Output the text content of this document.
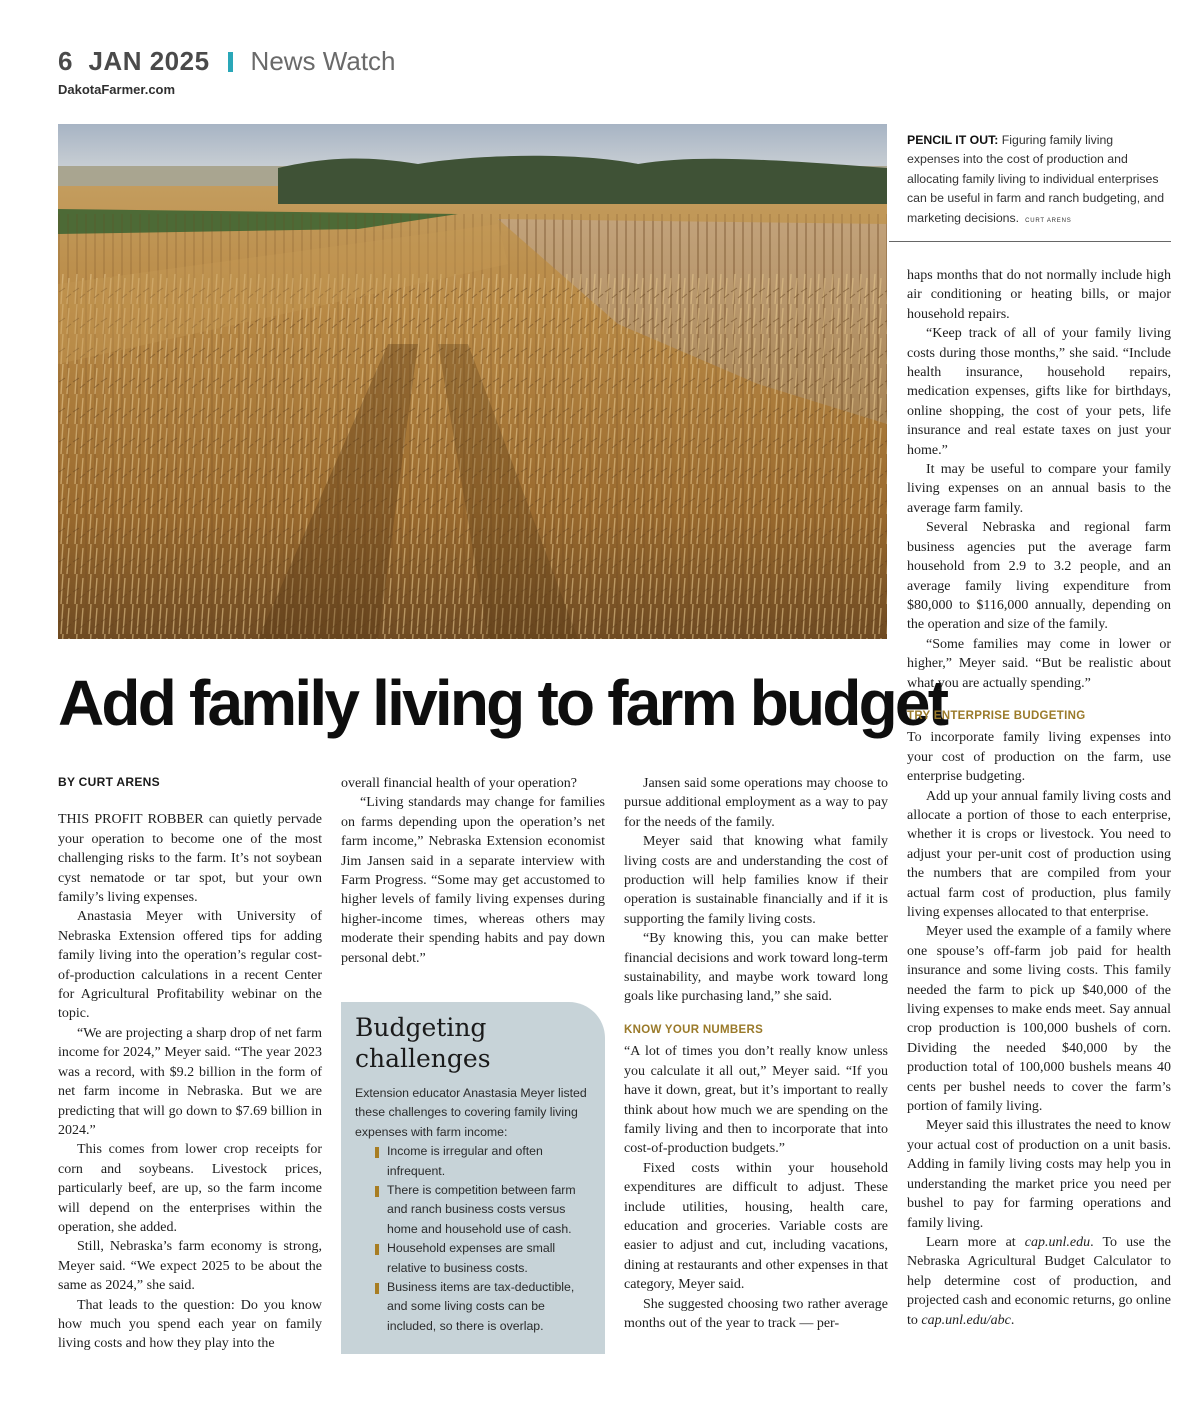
6 JAN 2025 News Watch
DakotaFarmer.com
PENCIL IT OUT: Figuring family living expenses into the cost of production and allocating family living to individual enterprises can be useful in farm and ranch budgeting, and marketing decisions. CURT ARENS
Add family living to farm budget
BY CURT ARENS

THIS PROFIT ROBBER can quietly pervade your operation to become one of the most challenging risks to the farm. It’s not soybean cyst nematode or tar spot, but your own family’s living expenses.

Anastasia Meyer with University of Nebraska Extension offered tips for adding family living into the operation’s regular cost-of-production calculations in a recent Center for Agricultural Profitability webinar on the topic.

“We are projecting a sharp drop of net farm income for 2024,” Meyer said. “The year 2023 was a record, with $9.2 billion in the form of net farm income in Nebraska. But we are predicting that will go down to $7.69 billion in 2024.”

This comes from lower crop receipts for corn and soybeans. Livestock prices, particularly beef, are up, so the farm income will depend on the enterprises within the operation, she added.

Still, Nebraska’s farm economy is strong, Meyer said. “We expect 2025 to be about the same as 2024,” she said.

That leads to the question: Do you know how much you spend each year on family living costs and how they play into the

overall financial health of your operation?

“Living standards may change for families on farms depending upon the operation’s net farm income,” Nebraska Extension economist Jim Jansen said in a separate interview with Farm Progress. “Some may get accustomed to higher levels of family living expenses during higher-income times, whereas others may moderate their spending habits and pay down personal debt.”

Budgeting challenges
Extension educator Anastasia Meyer listed these challenges to covering family living expenses with farm income:
Income is irregular and often infrequent.
There is competition between farm and ranch business costs versus home and household use of cash.
Household expenses are small relative to business costs.
Business items are tax-deductible, and some living costs can be included, so there is overlap.

Jansen said some operations may choose to pursue additional employment as a way to pay for the needs of the family.

Meyer said that knowing what family living costs are and understanding the cost of production will help families know if their operation is sustainable financially and if it is supporting the family living costs.

“By knowing this, you can make better financial decisions and work toward long-term sustainability, and maybe work toward long goals like purchasing land,” she said.

KNOW YOUR NUMBERS

“A lot of times you don’t really know unless you calculate it all out,” Meyer said. “If you have it down, great, but it’s important to really think about how much we are spending on the family living and then to incorporate that into cost-of-production budgets.”

Fixed costs within your household expenditures are difficult to adjust. These include utilities, housing, health care, education and groceries. Variable costs are easier to adjust and cut, including vacations, dining at restaurants and other expenses in that category, Meyer said.

She suggested choosing two rather average months out of the year to track — per-

haps months that do not normally include high air conditioning or heating bills, or major household repairs.

“Keep track of all of your family living costs during those months,” she said. “Include health insurance, household repairs, medication expenses, gifts like for birthdays, online shopping, the cost of your pets, life insurance and real estate taxes on just your home.”

It may be useful to compare your family living expenses on an annual basis to the average farm family.

Several Nebraska and regional farm business agencies put the average farm household from 2.9 to 3.2 people, and an average family living expenditure from $80,000 to $116,000 annually, depending on the operation and size of the family.

“Some families may come in lower or higher,” Meyer said. “But be realistic about what you are actually spending.”

TRY ENTERPRISE BUDGETING

To incorporate family living expenses into your cost of production on the farm, use enterprise budgeting.

Add up your annual family living costs and allocate a portion of those to each enterprise, whether it is crops or livestock. You need to adjust your per-unit cost of production using the numbers that are compiled from your actual farm cost of production, plus family living expenses allocated to that enterprise.

Meyer used the example of a family where one spouse’s off-farm job paid for health insurance and some living costs. This family needed the farm to pick up $40,000 of the living expenses to make ends meet. Say annual crop production is 100,000 bushels of corn. Dividing the needed $40,000 by the production total of 100,000 bushels means 40 cents per bushel needs to cover the farm’s portion of family living.

Meyer said this illustrates the need to know your actual cost of production on a unit basis. Adding in family living costs may help you in understanding the market price you need per bushel to pay for farming operations and family living.

Learn more at cap.unl.edu. To use the Nebraska Agricultural Budget Calculator to help determine cost of production, and projected cash and economic returns, go online to cap.unl.edu/abc.
